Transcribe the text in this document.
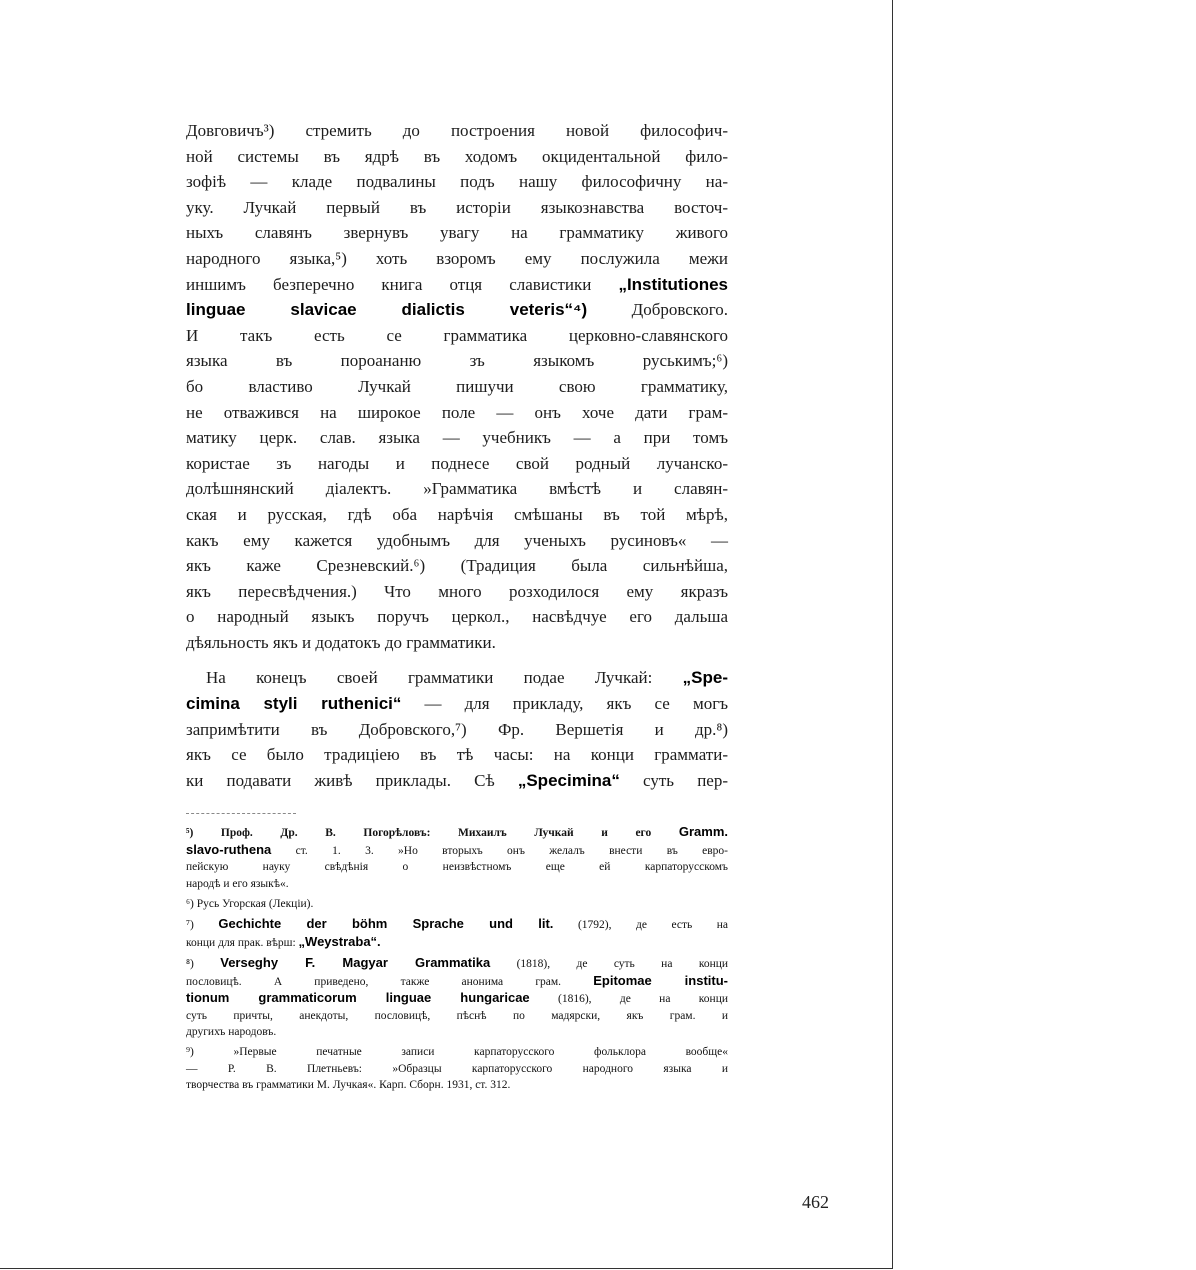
Довговичъ³) стремить до построения новой философич-
ной системы въ ядрѣ въ ходомъ окцидентальной фило-
зофiѣ — кладе подвалины подъ нашу философичну на-
уку. Лучкай первый въ исторiи языкознавства восточ-
ныхъ славянъ звернувъ увагу на грамматику живого
народного языка,⁵) хоть взоромъ ему послужила межи
иншимъ безперечно книга отця славистики „Institutiones
linguae slavicae dialictis veteris“⁴)	Добровского.
И такъ есть се грамматика церковно-славянского
языка въ пороананю зъ языкомъ руськимъ;⁶)
бо властиво Лучкай пишучи свою грамматику,
не отважився на широкое поле — онъ хоче дати грам-
матику церк. слав. языка — учебникъ — а при томъ
користае зъ нагоды и поднесе свой родный лучанско-
долѣшнянский дiалектъ. »Грамматика вмѣстѣ и славян-
ская и русская, гдѣ оба нарѣчiя смѣшаны въ той мѣрѣ,
какъ ему кажется удобнымъ для ученыхъ русиновъ« —
якъ каже Срезневский.⁶) (Традиция была сильнѣйша,
якъ пересвѣдчения.) Что много розходилося ему якразъ
о народный языкъ поручъ церкол., насвѣдчуе его дальша
дѣяльность якъ и додатокъ до грамматики.
На конецъ своей грамматики подае Лучкай: „Spe-
cimina styli ruthenici“ — для прикладу, якъ се могъ
запримѣтити въ Добровского,⁷) Фр. Вершетiя и др.⁸)
якъ се было традицiею въ тѣ часы: на конци граммати-
ки подавати живѣ приклады. Сѣ „Specimina“ суть пер-
⁵) Проф. Др. В. Погорѣловъ: Михаилъ Лучкай и его Gramm.
slavo-ruthena ст. 1. 3. »Но вторыхъ онъ желалъ внести въ евро-
пейскую науку свѣдѣнiя о неизвѣстномъ еще ей карпаторусскомъ
народѣ и его языкѣ«.
⁶) Русь Угорская (Лекцiи).
⁷) Gechichte der böhm Sprache und lit. (1792), де есть на
конци для прак. вѣрш: „Weystraba“.
⁸) Verseghy F. Magyar Grammatika (1818), де суть на конци
пословицѣ. А приведено, также анонима грам. Epitomae institu-
tionum grammaticorum linguae hungaricae (1816), де на конци
суть причты, анекдоты, пословицѣ, пѣснѣ по мадярски, якъ грам. и
другихъ народовъ.
⁹) »Первые печатные записи карпаторусского фольклора вообще«
— Р. В. Плетньевъ: »Образцы карпаторусского народного языка и
творчества въ грамматики М. Лучкая«. Карп. Сборн. 1931, ст. 312.
462
